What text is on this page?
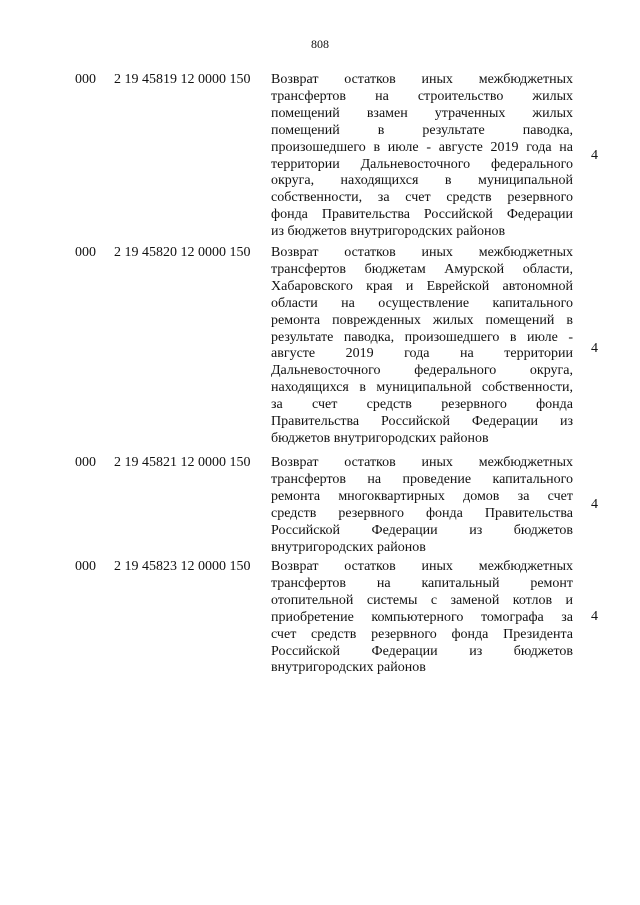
808
000 2 19 45819 12 0000 150 Возврат остатков иных межбюджетных
трансфертов на строительство жилых
помещений взамен утраченных жилых
помещений в результате паводка,
произошедшего в июле - августе 2019 года на
территории Дальневосточного федерального
округа, находящихся в муниципальной
собственности, за счет средств резервного
фонда Правительства Российской Федерации
из бюджетов внутригородских районов
4
000 2 19 45820 12 0000 150 Возврат остатков иных межбюджетных
трансфертов бюджетам Амурской области,
Хабаровского края и Еврейской автономной
области на осуществление капитального
ремонта поврежденных жилых помещений в
результате паводка, произошедшего в июле -
августе 2019 года на территории
Дальневосточного федерального округа,
находящихся в муниципальной собственности,
за счет средств резервного фонда
Правительства Российской Федерации из
бюджетов внутригородских районов
4
000 2 19 45821 12 0000 150 Возврат остатков иных межбюджетных
трансфертов на проведение капитального
ремонта многоквартирных домов за счет
средств резервного фонда Правительства
Российской Федерации из бюджетов
внутригородских районов
4
000 2 19 45823 12 0000 150 Возврат остатков иных межбюджетных
трансфертов на капитальный ремонт
отопительной системы с заменой котлов и
приобретение компьютерного томографа за
счет средств резервного фонда Президента
Российской Федерации из бюджетов
внутригородских районов
4
